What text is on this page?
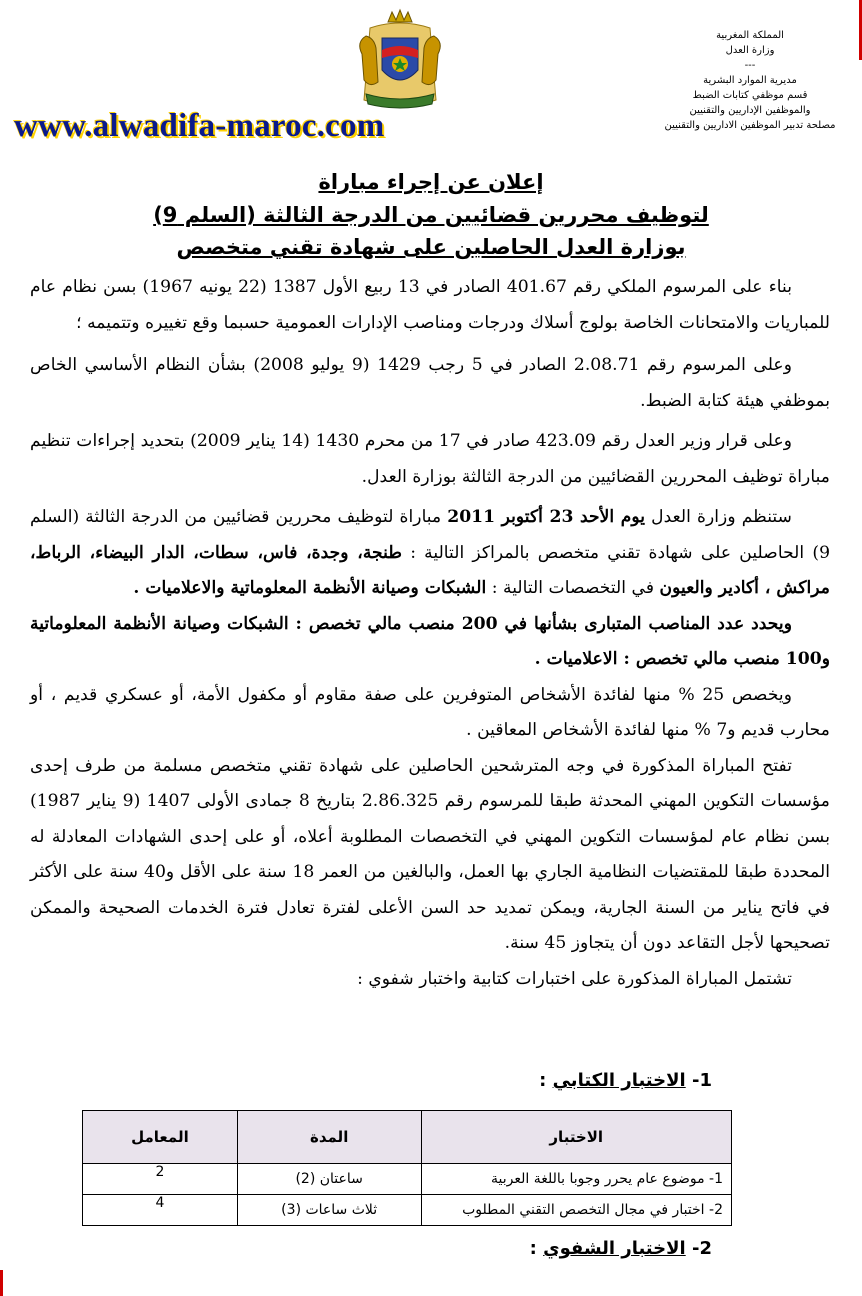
المملكة المغربية
وزارة العدل
---
مديرية الموارد البشرية
قسم موظفي كتابات الضبط
والموظفين الإداريين والتقنيين
مصلحة تدبير الموظفين الاداريين والتقنيين
www.alwadifa-maroc.com
إعلان عن إجراء مباراة
لتوظيف محررين قضائيين من الدرجة الثالثة (السلم 9)
بوزارة العدل الحاصلين على شهادة تقني متخصص

بناء على المرسوم الملكي رقم 401.67 الصادر في 13 ربيع الأول 1387 (22 يونيه 1967) بسن نظام عام للمباريات والامتحانات الخاصة بولوج أسلاك ودرجات ومناصب الإدارات العمومية حسبما وقع تغييره وتتميمه ؛

وعلى المرسوم رقم 2.08.71 الصادر في 5 رجب 1429 (9 يوليو 2008) بشأن النظام الأساسي الخاص بموظفي هيئة كتابة الضبط.

وعلى قرار وزير العدل رقم 423.09 صادر في 17 من محرم 1430 (14 يناير 2009) بتحديد إجراءات تنظيم مباراة توظيف المحررين القضائيين من الدرجة الثالثة بوزارة العدل.

ستنظم وزارة العدل يوم الأحد 23 أكتوبر 2011 مباراة لتوظيف محررين قضائيين من الدرجة الثالثة (السلم 9) الحاصلين على شهادة تقني متخصص بالمراكز التالية : طنجة، وجدة، فاس، سطات، الدار البيضاء، الرباط، مراكش ، أكادير والعيون في التخصصات التالية : الشبكات وصيانة الأنظمة المعلوماتية والاعلاميات .

ويحدد عدد المناصب المتبارى بشأنها في 200 منصب مالي تخصص : الشبكات وصيانة الأنظمة المعلوماتية و100 منصب مالي تخصص : الاعلاميات .

ويخصص 25 % منها لفائدة الأشخاص المتوفرين على صفة مقاوم أو مكفول الأمة، أو عسكري قديم ، أو محارب قديم و7 % منها لفائدة الأشخاص المعاقين .

تفتح المباراة المذكورة في وجه المترشحين الحاصلين على شهادة تقني متخصص مسلمة من طرف إحدى مؤسسات التكوين المهني المحدثة طبقا للمرسوم رقم 2.86.325 بتاريخ 8 جمادى الأولى 1407 (9 يناير 1987) بسن نظام عام لمؤسسات التكوين المهني في التخصصات المطلوبة أعلاه، أو على إحدى الشهادات المعادلة له المحددة طبقا للمقتضيات النظامية الجاري بها العمل، والبالغين من العمر 18 سنة على الأقل و40 سنة على الأكثر في فاتح يناير من السنة الجارية، ويمكن تمديد حد السن الأعلى لفترة تعادل فترة الخدمات الصحيحة والممكن تصحيحها لأجل التقاعد دون أن يتجاوز 45 سنة.

تشتمل المباراة المذكورة على اختبارات كتابية واختبار شفوي :

1- الاختبار الكتابي :
الاختبار	المدة	المعامل
1- موضوع عام يحرر وجوبا باللغة العربية	ساعتان (2)	2
2- اختبار في مجال التخصص التقني المطلوب	ثلاث ساعات (3)	4
2- الاختبار الشفوي :
